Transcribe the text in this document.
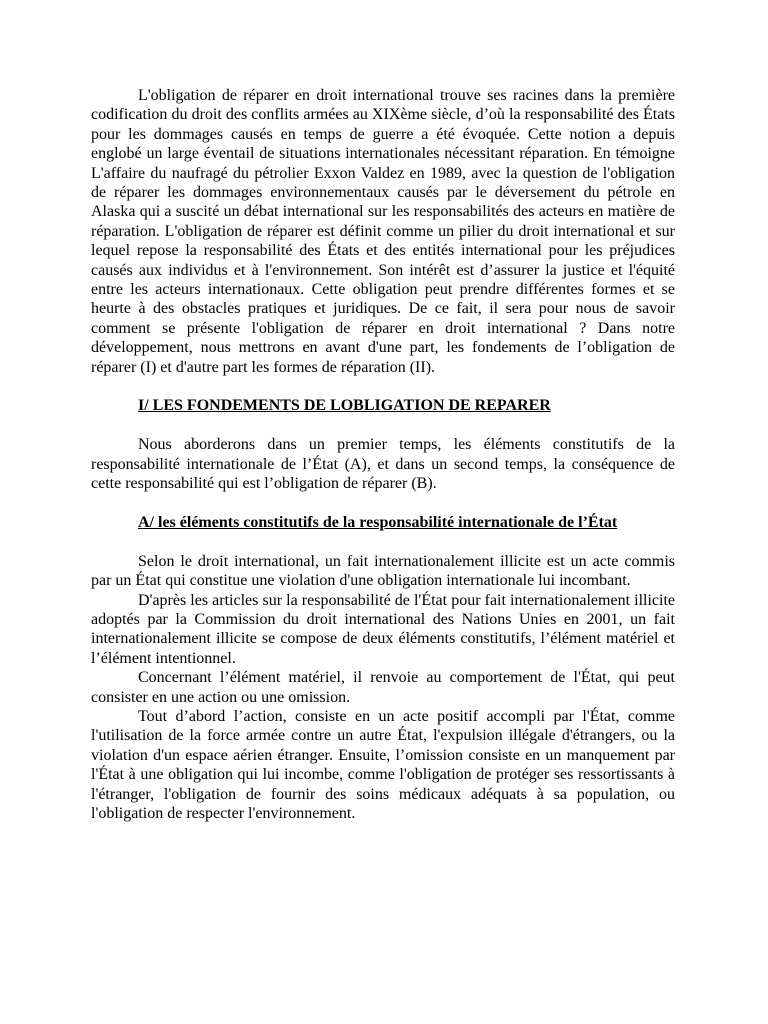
L'obligation de réparer en droit international trouve ses racines dans la première codification du droit des conflits armées au XIXème siècle, d’où la responsabilité des États pour les dommages causés en temps de guerre a été évoquée. Cette notion a depuis englobé un large éventail de situations internationales nécessitant réparation. En témoigne L'affaire du naufragé du pétrolier Exxon Valdez en 1989, avec la question de l'obligation de réparer les dommages environnementaux causés par le déversement du pétrole en Alaska qui a suscité un débat international sur les responsabilités des acteurs en matière de réparation. L'obligation de réparer est définit comme un pilier du droit international et sur lequel repose la responsabilité des États et des entités international pour les préjudices causés aux individus et à l'environnement. Son intérêt est d’assurer la justice et l'équité entre les acteurs internationaux. Cette obligation peut prendre différentes formes et se heurte à des obstacles pratiques et juridiques. De ce fait, il sera pour nous de savoir comment se présente l'obligation de réparer en droit international ? Dans notre développement, nous mettrons en avant d'une part, les fondements de l’obligation de réparer (I) et d'autre part les formes de réparation (II).

I/ LES FONDEMENTS DE LOBLIGATION DE REPARER

Nous aborderons dans un premier temps, les éléments constitutifs de la responsabilité internationale de l’État (A), et dans un second temps, la conséquence de cette responsabilité qui est l’obligation de réparer (B).

A/ les éléments constitutifs de la responsabilité internationale de l’État

Selon le droit international, un fait internationalement illicite est un acte commis par un État qui constitue une violation d'une obligation internationale lui incombant.

D'après les articles sur la responsabilité de l'État pour fait internationalement illicite adoptés par la Commission du droit international des Nations Unies en 2001, un fait internationalement illicite se compose de deux éléments constitutifs, l’élément matériel et l’élément intentionnel.

Concernant l’élément matériel, il renvoie au comportement de l'État, qui peut consister en une action ou une omission.

Tout d’abord l’action, consiste en un acte positif accompli par l'État, comme l'utilisation de la force armée contre un autre État, l'expulsion illégale d'étrangers, ou la violation d'un espace aérien étranger. Ensuite, l’omission consiste en un manquement par l'État à une obligation qui lui incombe, comme l'obligation de protéger ses ressortissants à l'étranger, l'obligation de fournir des soins médicaux adéquats à sa population, ou l'obligation de respecter l'environnement.
